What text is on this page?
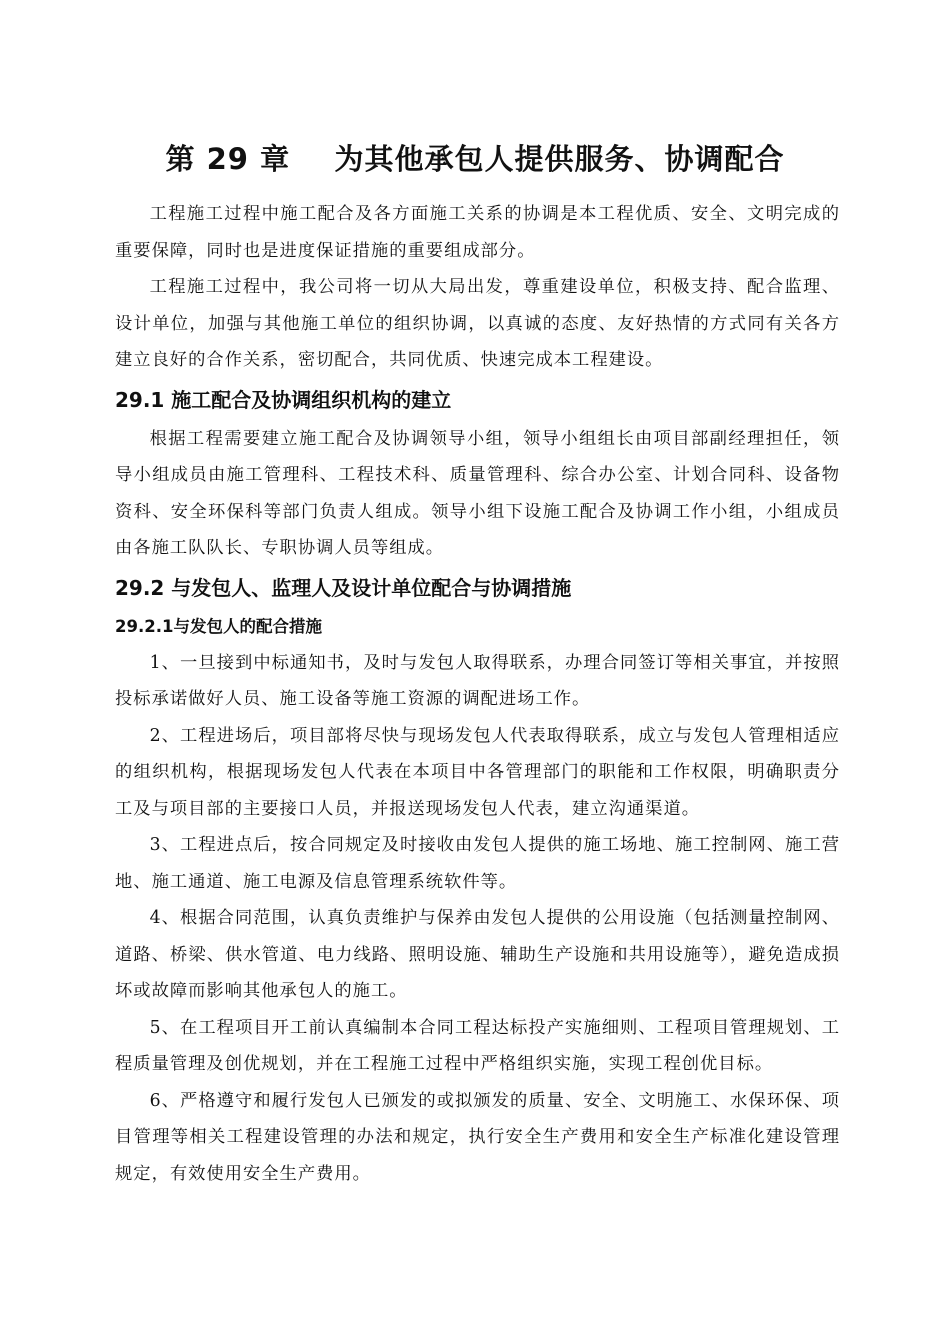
第 29 章    为其他承包人提供服务、协调配合

工程施工过程中施工配合及各方面施工关系的协调是本工程优质、安全、文明完成的重要保障，同时也是进度保证措施的重要组成部分。

工程施工过程中，我公司将一切从大局出发，尊重建设单位，积极支持、配合监理、设计单位，加强与其他施工单位的组织协调，以真诚的态度、友好热情的方式同有关各方建立良好的合作关系，密切配合，共同优质、快速完成本工程建设。

29.1 施工配合及协调组织机构的建立

根据工程需要建立施工配合及协调领导小组，领导小组组长由项目部副经理担任，领导小组成员由施工管理科、工程技术科、质量管理科、综合办公室、计划合同科、设备物资科、安全环保科等部门负责人组成。领导小组下设施工配合及协调工作小组，小组成员由各施工队队长、专职协调人员等组成。

29.2 与发包人、监理人及设计单位配合与协调措施
29.2.1与发包人的配合措施

1、一旦接到中标通知书，及时与发包人取得联系，办理合同签订等相关事宜，并按照投标承诺做好人员、施工设备等施工资源的调配进场工作。

2、工程进场后，项目部将尽快与现场发包人代表取得联系，成立与发包人管理相适应的组织机构，根据现场发包人代表在本项目中各管理部门的职能和工作权限，明确职责分工及与项目部的主要接口人员，并报送现场发包人代表，建立沟通渠道。

3、工程进点后，按合同规定及时接收由发包人提供的施工场地、施工控制网、施工营地、施工通道、施工电源及信息管理系统软件等。

4、根据合同范围，认真负责维护与保养由发包人提供的公用设施（包括测量控制网、道路、桥梁、供水管道、电力线路、照明设施、辅助生产设施和共用设施等），避免造成损坏或故障而影响其他承包人的施工。

5、在工程项目开工前认真编制本合同工程达标投产实施细则、工程项目管理规划、工程质量管理及创优规划，并在工程施工过程中严格组织实施，实现工程创优目标。

6、严格遵守和履行发包人已颁发的或拟颁发的质量、安全、文明施工、水保环保、项目管理等相关工程建设管理的办法和规定，执行安全生产费用和安全生产标准化建设管理规定，有效使用安全生产费用。
